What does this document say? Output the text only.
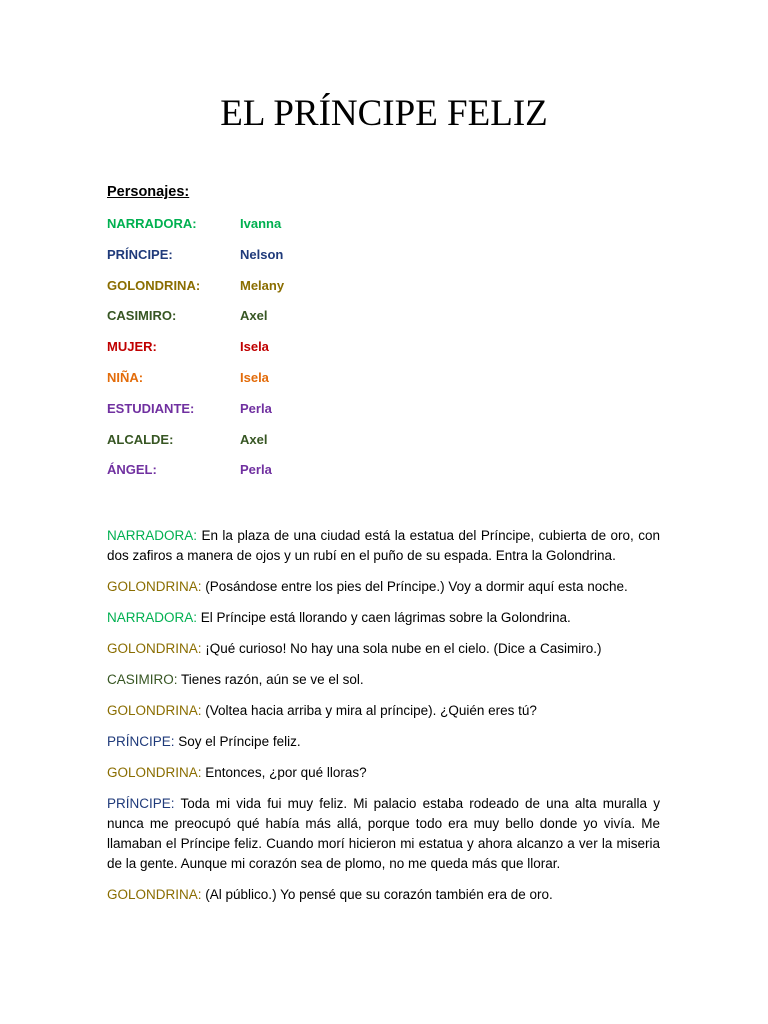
EL PRÍNCIPE FELIZ
Personajes:
NARRADORA:	Ivanna
PRÍNCIPE:	Nelson
GOLONDRINA:	Melany
CASIMIRO:	Axel
MUJER:	Isela
NIÑA:	Isela
ESTUDIANTE:	Perla
ALCALDE:	Axel
ÁNGEL:	Perla

NARRADORA: En la plaza de una ciudad está la estatua del Príncipe, cubierta de oro, con dos zafiros a manera de ojos y un rubí en el puño de su espada. Entra la Golondrina.

GOLONDRINA: (Posándose entre los pies del Príncipe.) Voy a dormir aquí esta noche.

NARRADORA: El Príncipe está llorando y caen lágrimas sobre la Golondrina.

GOLONDRINA: ¡Qué curioso! No hay una sola nube en el cielo. (Dice a Casimiro.)

CASIMIRO: Tienes razón, aún se ve el sol.

GOLONDRINA: (Voltea hacia arriba y mira al príncipe). ¿Quién eres tú?

PRÍNCIPE: Soy el Príncipe feliz.

GOLONDRINA: Entonces, ¿por qué lloras?

PRÍNCIPE: Toda mi vida fui muy feliz. Mi palacio estaba rodeado de una alta muralla y nunca me preocupó qué había más allá, porque todo era muy bello donde yo vivía. Me llamaban el Príncipe feliz. Cuando morí hicieron mi estatua y ahora alcanzo a ver la miseria de la gente. Aunque mi corazón sea de plomo, no me queda más que llorar.

GOLONDRINA: (Al público.) Yo pensé que su corazón también era de oro.
